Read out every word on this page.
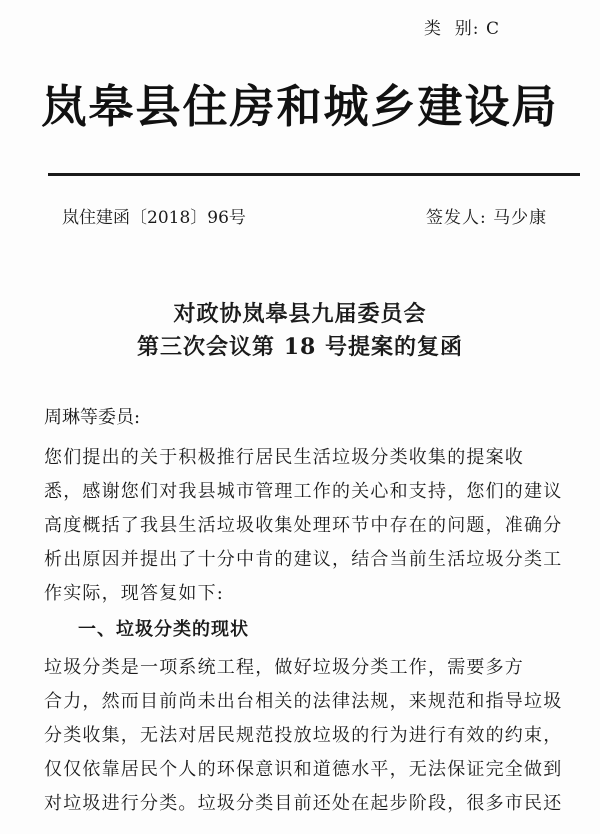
类  别: C
岚皋县住房和城乡建设局
岚住建函〔2018〕96号	签发人: 马少康
对政协岚皋县九届委员会
第三次会议第 18 号提案的复函
周琳等委员:
您们提出的关于积极推行居民生活垃圾分类收集的提案收
悉，感谢您们对我县城市管理工作的关心和支持，您们的建议
高度概括了我县生活垃圾收集处理环节中存在的问题，准确分
析出原因并提出了十分中肯的建议，结合当前生活垃圾分类工
作实际，现答复如下:
一、垃圾分类的现状
垃圾分类是一项系统工程，做好垃圾分类工作，需要多方
合力，然而目前尚未出台相关的法律法规，来规范和指导垃圾
分类收集，无法对居民规范投放垃圾的行为进行有效的约束，
仅仅依靠居民个人的环保意识和道德水平，无法保证完全做到
对垃圾进行分类。垃圾分类目前还处在起步阶段，很多市民还
